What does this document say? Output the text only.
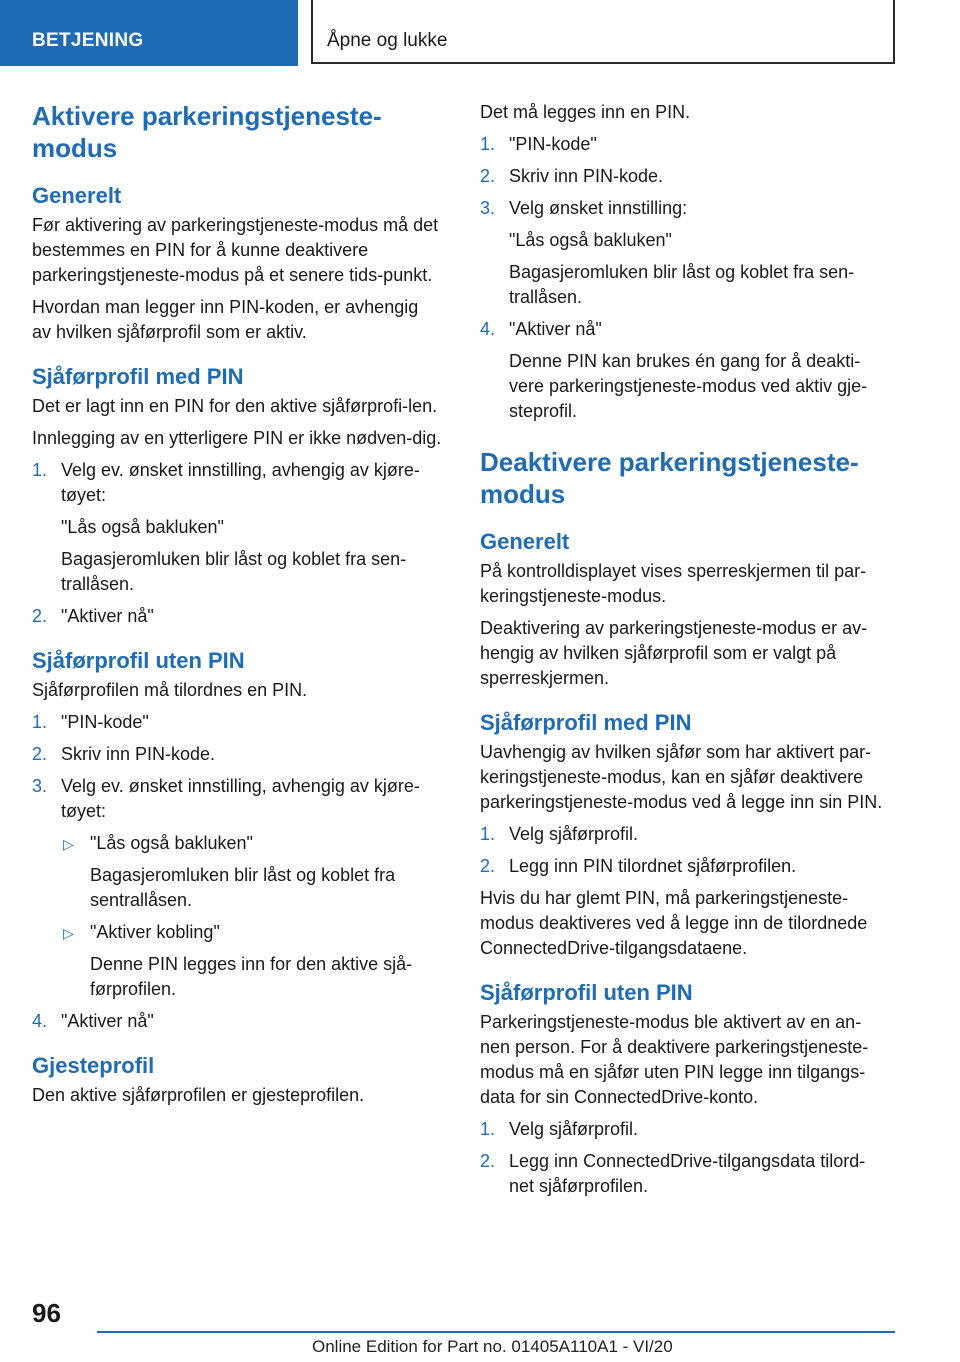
BETJENING	Åpne og lukke
Aktivere parkeringstjeneste-modus
Generelt
Før aktivering av parkeringstjeneste-modus må det bestemmes en PIN for å kunne deaktivere parkeringstjeneste-modus på et senere tids-punkt.
Hvordan man legger inn PIN-koden, er avhengig av hvilken sjåførprofil som er aktiv.
Sjåførprofil med PIN
Det er lagt inn en PIN for den aktive sjåførprofi-len.
Innlegging av en ytterligere PIN er ikke nødven-dig.
1. Velg ev. ønsket innstilling, avhengig av kjøre-tøyet:
"Lås også bakluken"
Bagasjeromluken blir låst og koblet fra sen-trallåsen.
2. "Aktiver nå"
Sjåførprofil uten PIN
Sjåførprofilen må tilordnes en PIN.
1. "PIN-kode"
2. Skriv inn PIN-kode.
3. Velg ev. ønsket innstilling, avhengig av kjøre-tøyet:
▷ "Lås også bakluken"
Bagasjeromluken blir låst og koblet fra sentrallåsen.
▷ "Aktiver kobling"
Denne PIN legges inn for den aktive sjå-førprofilen.
4. "Aktiver nå"
Gjesteprofil
Den aktive sjåførprofilen er gjesteprofilen.
Det må legges inn en PIN.
1. "PIN-kode"
2. Skriv inn PIN-kode.
3. Velg ønsket innstilling:
"Lås også bakluken"
Bagasjeromluken blir låst og koblet fra sen-trallåsen.
4. "Aktiver nå"
Denne PIN kan brukes én gang for å deakti-vere parkeringstjeneste-modus ved aktiv gje-steprofil.
Deaktivere parkeringstjeneste-modus
Generelt
På kontrolldisplayet vises sperreskjermen til par-keringstjeneste-modus.
Deaktivering av parkeringstjeneste-modus er av-hengig av hvilken sjåførprofil som er valgt på sperreskjermen.
Sjåførprofil med PIN
Uavhengig av hvilken sjåfør som har aktivert par-keringstjeneste-modus, kan en sjåfør deaktivere parkeringstjeneste-modus ved å legge inn sin PIN.
1. Velg sjåførprofil.
2. Legg inn PIN tilordnet sjåførprofilen.
Hvis du har glemt PIN, må parkeringstjeneste-modus deaktiveres ved å legge inn de tilordnede ConnectedDrive-tilgangsdataene.
Sjåførprofil uten PIN
Parkeringstjeneste-modus ble aktivert av en an-nen person. For å deaktivere parkeringstjeneste-modus må en sjåfør uten PIN legge inn tilgangs-data for sin ConnectedDrive-konto.
1. Velg sjåførprofil.
2. Legg inn ConnectedDrive-tilgangsdata tilord-net sjåførprofilen.
96
Online Edition for Part no. 01405A110A1 - VI/20
